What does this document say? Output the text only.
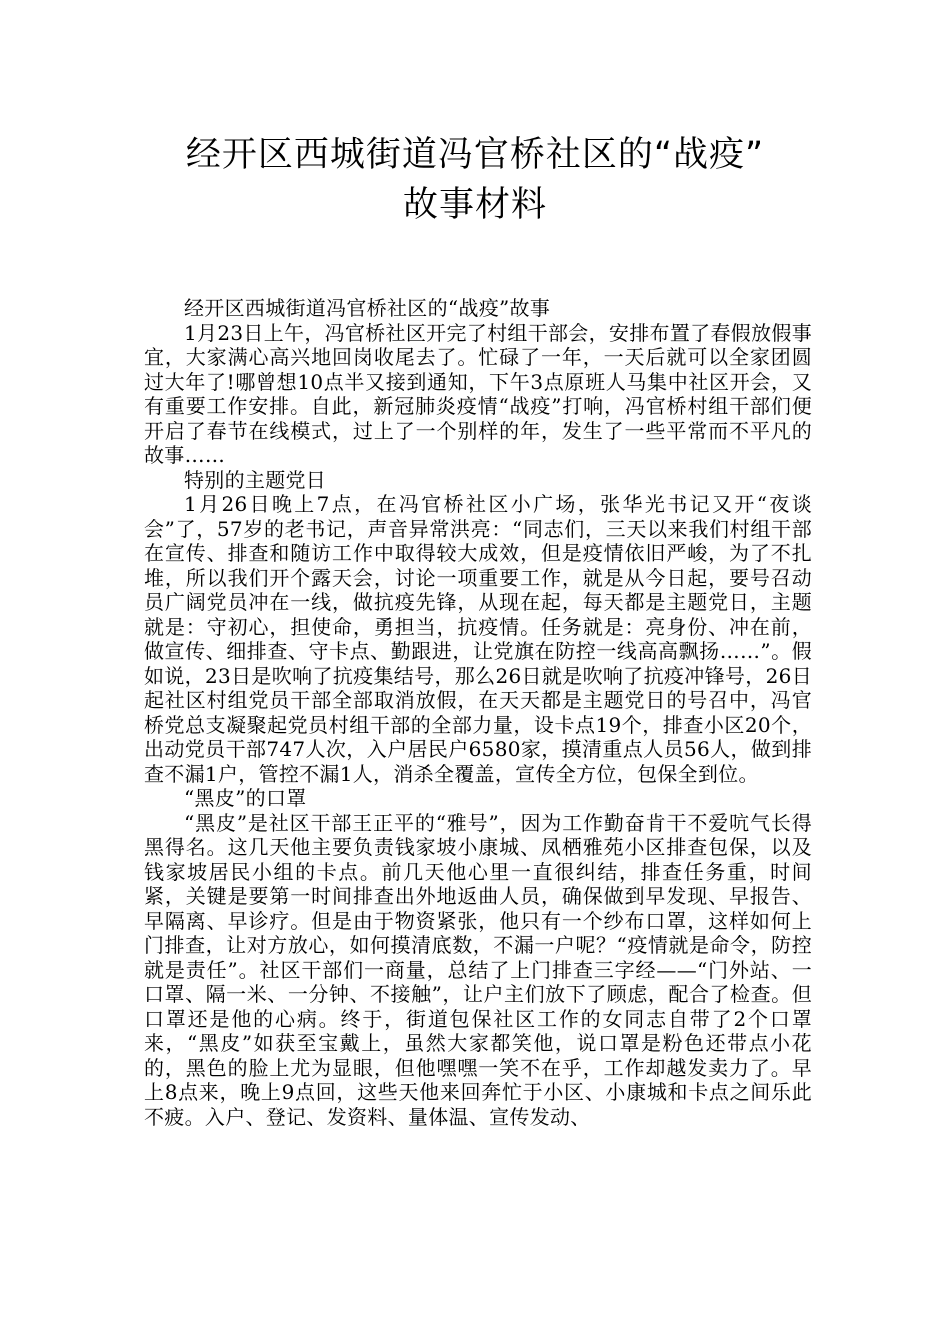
经开区西城街道冯官桥社区的“战疫”
故事材料

经开区西城街道冯官桥社区的“战疫”故事

1月23日上午，冯官桥社区开完了村组干部会，安排布置了春假放假事宜，大家满心高兴地回岗收尾去了。忙碌了一年，一天后就可以全家团圆过大年了!哪曾想10点半又接到通知，下午3点原班人马集中社区开会，又有重要工作安排。自此，新冠肺炎疫情“战疫”打响，冯官桥村组干部们便开启了春节在线模式，过上了一个别样的年，发生了一些平常而不平凡的故事……

特别的主题党日

1月26日晚上7点，在冯官桥社区小广场，张华光书记又开“夜谈会”了，57岁的老书记，声音异常洪亮：“同志们，三天以来我们村组干部在宣传、排查和随访工作中取得较大成效，但是疫情依旧严峻，为了不扎堆，所以我们开个露天会，讨论一项重要工作，就是从今日起，要号召动员广阔党员冲在一线，做抗疫先锋，从现在起，每天都是主题党日，主题就是：守初心，担使命，勇担当，抗疫情。任务就是：亮身份、冲在前，做宣传、细排查、守卡点、勤跟进，让党旗在防控一线高高飘扬……”。假如说，23日是吹响了抗疫集结号，那么26日就是吹响了抗疫冲锋号，26日起社区村组党员干部全部取消放假，在天天都是主题党日的号召中，冯官桥党总支凝聚起党员村组干部的全部力量，设卡点19个，排查小区20个，出动党员干部747人次，入户居民户6580家，摸清重点人员56人，做到排查不漏1户，管控不漏1人，消杀全覆盖，宣传全方位，包保全到位。

“黑皮”的口罩

“黑皮”是社区干部王正平的“雅号”，因为工作勤奋肯干不爱吭气长得黑得名。这几天他主要负责钱家坡小康城、凤栖雅苑小区排查包保，以及钱家坡居民小组的卡点。前几天他心里一直很纠结，排查任务重，时间紧，关键是要第一时间排查出外地返曲人员，确保做到早发现、早报告、早隔离、早诊疗。但是由于物资紧张，他只有一个纱布口罩，这样如何上门排查，让对方放心，如何摸清底数，不漏一户呢？“疫情就是命令，防控就是责任”。社区干部们一商量，总结了上门排查三字经——“门外站、一口罩、隔一米、一分钟、不接触”，让户主们放下了顾虑，配合了检查。但口罩还是他的心病。终于，街道包保社区工作的女同志自带了2个口罩来，“黑皮”如获至宝戴上，虽然大家都笑他，说口罩是粉色还带点小花的，黑色的脸上尤为显眼，但他嘿嘿一笑不在乎，工作却越发卖力了。早上8点来，晚上9点回，这些天他来回奔忙于小区、小康城和卡点之间乐此不疲。入户、登记、发资料、量体温、宣传发动、
